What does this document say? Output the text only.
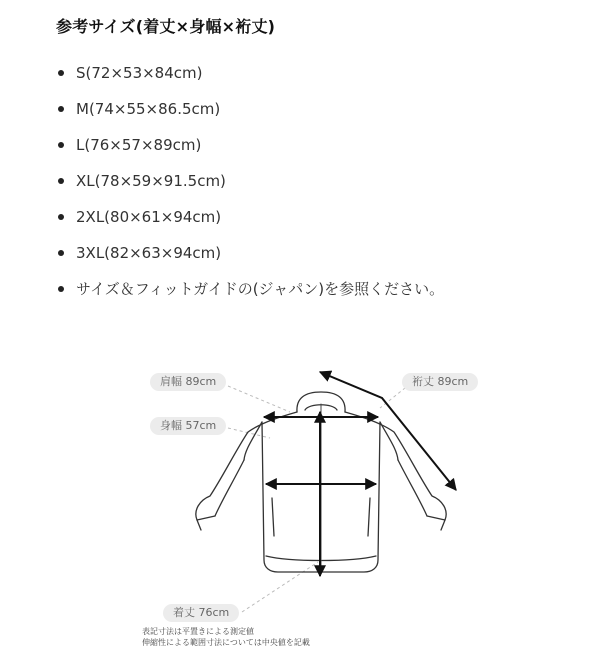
参考サイズ(着丈×身幅×裄丈)
S(72×53×84cm)
M(74×55×86.5cm)
L(76×57×89cm)
XL(78×59×91.5cm)
2XL(80×61×94cm)
3XL(82×63×94cm)
サイズ＆フィットガイドの(ジャパン)を参照ください。
肩幅 89cm
身幅 57cm
裄丈 89cm
着丈 76cm
表記寸法は平置きによる測定値
伸縮性による範囲寸法については中央値を記載
